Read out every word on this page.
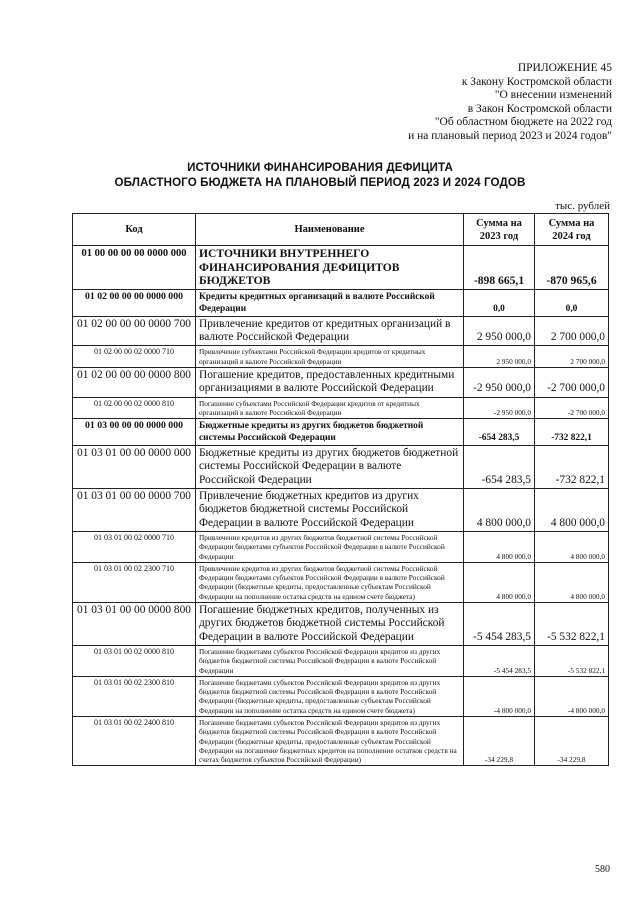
ПРИЛОЖЕНИЕ 45
к Закону Костромской области
"О внесении изменений
в Закон Костромской области
"Об областном бюджете на 2022 год
и на плановый период 2023 и 2024 годов"
ИСТОЧНИКИ ФИНАНСИРОВАНИЯ ДЕФИЦИТА
ОБЛАСТНОГО БЮДЖЕТА НА ПЛАНОВЫЙ ПЕРИОД 2023 И 2024 ГОДОВ
тыс. рублей
Код	Наименование	Сумма на 2023 год	Сумма на 2024 год
01 00 00 00 00 0000 000	ИСТОЧНИКИ ВНУТРЕННЕГО ФИНАНСИРОВАНИЯ ДЕФИЦИТОВ БЮДЖЕТОВ	-898 665,1	-870 965,6
01 02 00 00 00 0000 000	Кредиты кредитных организаций в валюте Российской Федерации	0,0	0,0
01 02 00 00 00 0000 700	Привлечение кредитов от кредитных организаций в валюте Российской Федерации	2 950 000,0	2 700 000,0
01 02 00 00 02 0000 710	Привлечение субъектами Российской Федерации кредитов от кредитных организаций в валюте Российской Федерации	2 950 000,0	2 700 000,0
01 02 00 00 00 0000 800	Погашение кредитов, предоставленных кредитными организациями в валюте Российской Федерации	-2 950 000,0	-2 700 000,0
01 02 00 00 02 0000 810	Погашение субъектами Российской Федерации кредитов от кредитных организаций в валюте Российской Федерации	-2 950 000,0	-2 700 000,0
01 03 00 00 00 0000 000	Бюджетные кредиты из других бюджетов бюджетной системы Российской Федерации	-654 283,5	-732 822,1
01 03 01 00 00 0000 000	Бюджетные кредиты из других бюджетов бюджетной системы Российской Федерации в валюте Российской Федерации	-654 283,5	-732 822,1
01 03 01 00 00 0000 700	Привлечение бюджетных кредитов из других бюджетов бюджетной системы Российской Федерации в валюте Российской Федерации	4 800 000,0	4 800 000,0
01 03 01 00 02 0000 710	Привлечение кредитов из других бюджетов бюджетной системы Российской Федерации бюджетами субъектов Российской Федерации в валюте Российской Федерации	4 800 000,0	4 800 000,0
01 03 01 00 02 2300 710	Привлечение кредитов из других бюджетов бюджетной системы Российской Федерации бюджетами субъектов Российской Федерации в валюте Российской Федерации (бюджетные кредиты, предоставленные субъектам Российской Федерации на пополнение остатка средств на едином счете бюджета)	4 800 000,0	4 800 000,0
01 03 01 00 00 0000 800	Погашение бюджетных кредитов, полученных из других бюджетов бюджетной системы Российской Федерации в валюте Российской Федерации	-5 454 283,5	-5 532 822,1
01 03 01 00 02 0000 810	Погашение бюджетами субъектов Российской Федерации кредитов из других бюджетов бюджетной системы Российской Федерации в валюте Российской Федерации	-5 454 283,5	-5 532 822,1
01 03 01 00 02 2300 810	Погашение бюджетами субъектов Российской Федерации кредитов из других бюджетов бюджетной системы Российской Федерации в валюте Российской Федерации (бюджетные кредиты, предоставленные субъектам Российской Федерации на пополнение остатка средств на едином счете бюджета)	-4 800 000,0	-4 800 000,0
01 03 01 00 02 2400 810	Погашение бюджетами субъектов Российской Федерации кредитов из других бюджетов бюджетной системы Российской Федерации в валюте Российской Федерации (бюджетные кредиты, предоставленные субъектам Российской Федерации на погашение бюджетных кредитов на пополнение остатков средств на счетах бюджетов субъектов Российской Федерации)	-34 229,8	-34 229,8
580
